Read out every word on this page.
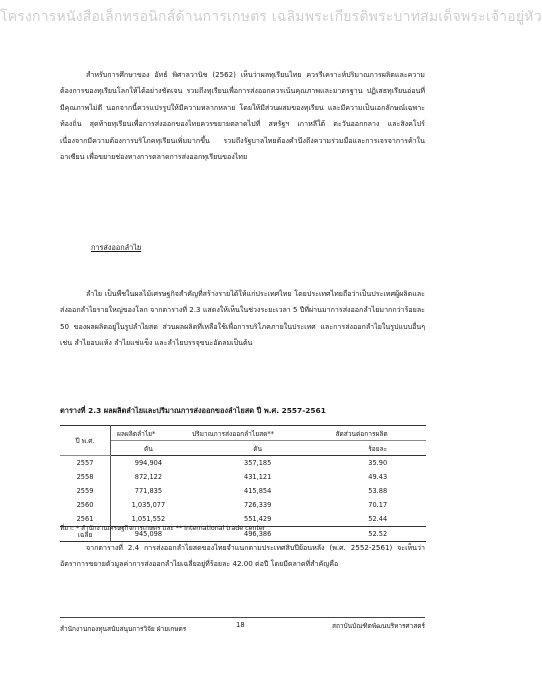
โครงการหนังสือเล็กทรอนิกส์ด้านการเกษตร เฉลิมพระเกียรติพระบาทสมเด็จพระเจ้าอยู่หัว
สำหรับการศึกษาของ อัทธ์ พิศาลวานิช (2562) เห็นว่าผลทุเรียนไทย ควรรีเคราะห์ปริมาณการผลิตและความต้องการของทุเรียนโลกให้ได้อย่างชัดเจน รวมถึงทุเรียนเพื่อการส่งออกควรเน้นคุณภาพและมาตรฐาน ปฏิเสธทุเรียนอ่อนที่มีคุณภาพไม่ดี นอกจากนี้ควรแปรรูปให้มีความหลากหลาย โดยให้มีส่วนผสมของทุเรียน และมีความเป็นเอกลักษณ์เฉพาะท้องถิ่น สุดท้ายทุเรียนเพื่อการส่งออกของไทยควรขยายตลาดไปที่ สหรัฐฯ เกาหลีใต้ ตะวันออกกลาง และสิงคโปร์ เนื่องจากมีความต้องการบริโภคทุเรียนเพิ่มมากขึ้น รวมถึงรัฐบาลไทยต้องคำนึงถึงความร่วมมือและการเจรจาการค้าในอาเซียน เพื่อขยายช่องทางการตลาดการส่งออกทุเรียนของไทย
การส่งออกลำไย
ลำไย เป็นพืชในผลไม้เศรษฐกิจสำคัญที่สร้างรายได้ให้แก่ประเทศไทย โดยประเทศไทยถือว่าเป็นประเทศผู้ผลิตและส่งออกลำไยรายใหญ่ของโลก จากตารางที่ 2.3 แสดงให้เห็นในช่วงระยะเวลา 5 ปีที่ผ่านมาการส่งออกลำไยมากกว่าร้อยละ 50 ของผลผลิตอยู่ในรูปลำไยสด ส่วนผลผลิตที่เหลือใช้เพื่อการบริโภคภายในประเทศ และการส่งออกลำไยในรูปแบบอื่นๆ เช่น ลำไยอบแห้ง ลำไยแช่แข็ง และลำไยบรรจุขนะอัดลมเป็นต้น
ตารางที่ 2.3 ผลผลิตลำไยและปริมาณการส่งออกของลำไยสด ปี พ.ศ. 2557-2561
ปี พ.ศ.	ผลผลิตลำไย*	ปริมาณการส่งออกลำไยสด**	สัดส่วนต่อการผลิต
	ตัน	ตัน	ร้อยละ
2557	994,904	357,185	35.90
2558	872,122	431,121	49.43
2559	771,835	415,854	53.88
2560	1,035,077	726,339	70.17
2561	1,051,552	551,429	52.44
เฉลี่ย	945,098	496,386	52.52
ที่มา: * สำนักงานเศรษฐกิจการเกษตร และ ** International trade center
จากตารางที่ 2.4 การส่งออกลำไยสดของไทยจำแนกตามประเทศสิบปีย้อนหลัง (พ.ศ. 2552-2561) จะเห็นว่าอัตราการขยายตัวมูลค่าการส่งออกลำไยเฉลี่ยอยู่ที่ร้อยละ 42.00 ต่อปี โดยมีตลาดที่สำคัญคือ
สำนักงานกองทุนสนับสนุนการวิจัย ฝ่ายเกษตร	18	สถาบันบัณฑิตพัฒนบริหารศาสตร์
